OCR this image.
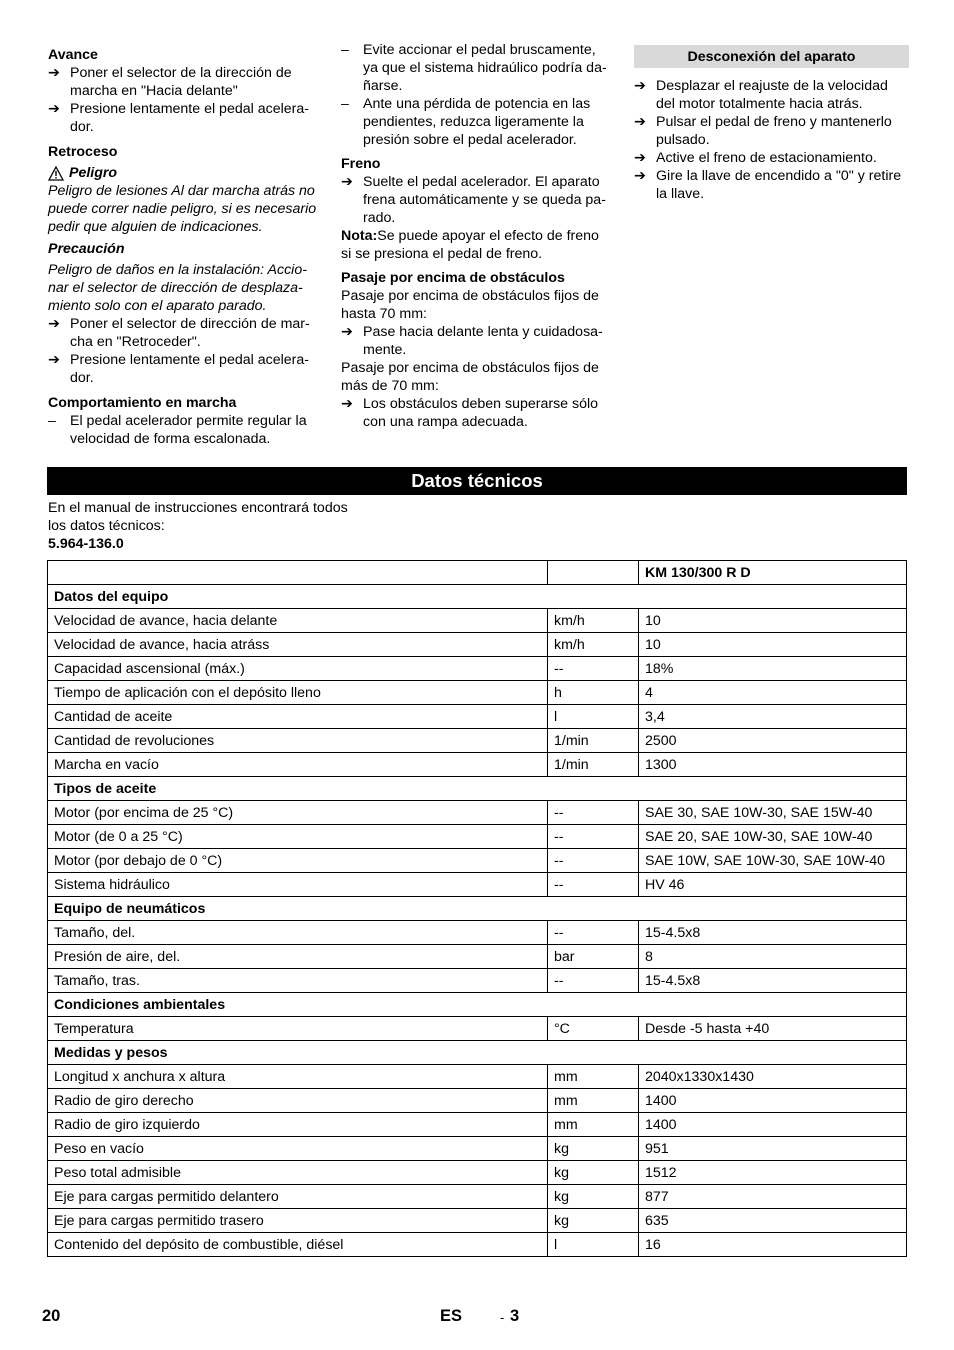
Avance
➔ Poner el selector de la dirección de marcha en "Hacia delante"
➔ Presione lentamente el pedal acelera-dor.
Retroceso
Peligro

Peligro de lesiones Al dar marcha atrás no puede correr nadie peligro, si es necesario pedir que alguien de indicaciones.

Precaución

Peligro de daños en la instalación: Accio-nar el selector de dirección de desplaza-miento solo con el aparato parado.

➔ Poner el selector de dirección de mar-cha en "Retroceder".
➔ Presione lentamente el pedal acelera-dor.
Comportamiento en marcha
– El pedal acelerador permite regular la velocidad de forma escalonada.
– Evite accionar el pedal bruscamente, ya que el sistema hidraúlico podría da-ñarse.
– Ante una pérdida de potencia en las pendientes, reduzca ligeramente la presión sobre el pedal acelerador.
Freno
➔ Suelte el pedal acelerador. El aparato frena automáticamente y se queda pa-rado.

Nota:Se puede apoyar el efecto de freno si se presiona el pedal de freno.

Pasaje por encima de obstáculos

Pasaje por encima de obstáculos fijos de hasta 70 mm:

➔ Pase hacia delante lenta y cuidadosa-mente.

Pasaje por encima de obstáculos fijos de más de 70 mm:

➔ Los obstáculos deben superarse sólo con una rampa adecuada.
Desconexión del aparato
➔ Desplazar el reajuste de la velocidad del motor totalmente hacia atrás.
➔ Pulsar el pedal de freno y mantenerlo pulsado.
➔ Active el freno de estacionamiento.
➔ Gire la llave de encendido a "0" y retire la llave.
Datos técnicos

En el manual de instrucciones encontrará todos los datos técnicos:

5.964-136.0

		KM 130/300 R D
Datos del equipo		
Velocidad de avance, hacia delante	km/h	10
Velocidad de avance, hacia atráss	km/h	10
Capacidad ascensional (máx.)	--	18%
Tiempo de aplicación con el depósito lleno	h	4
Cantidad de aceite	l	3,4
Cantidad de revoluciones	1/min	2500
Marcha en vacío	1/min	1300
Tipos de aceite		
Motor (por encima de 25 °C)	--	SAE 30, SAE 10W-30, SAE 15W-40
Motor (de 0 a 25 °C)	--	SAE 20, SAE 10W-30, SAE 10W-40
Motor (por debajo de 0 °C)	--	SAE 10W, SAE 10W-30, SAE 10W-40
Sistema hidráulico	--	HV 46
Equipo de neumáticos		
Tamaño, del.	--	15-4.5x8
Presión de aire, del.	bar	8
Tamaño, tras.	--	15-4.5x8
Condiciones ambientales		
Temperatura	°C	Desde -5 hasta +40
Medidas y pesos		
Longitud x anchura x altura	mm	2040x1330x1430
Radio de giro derecho	mm	1400
Radio de giro izquierdo	mm	1400
Peso en vacío	kg	951
Peso total admisible	kg	1512
Eje para cargas permitido delantero	kg	877
Eje para cargas permitido trasero	kg	635
Contenido del depósito de combustible, diésel	l	16
20	ES	- 3
